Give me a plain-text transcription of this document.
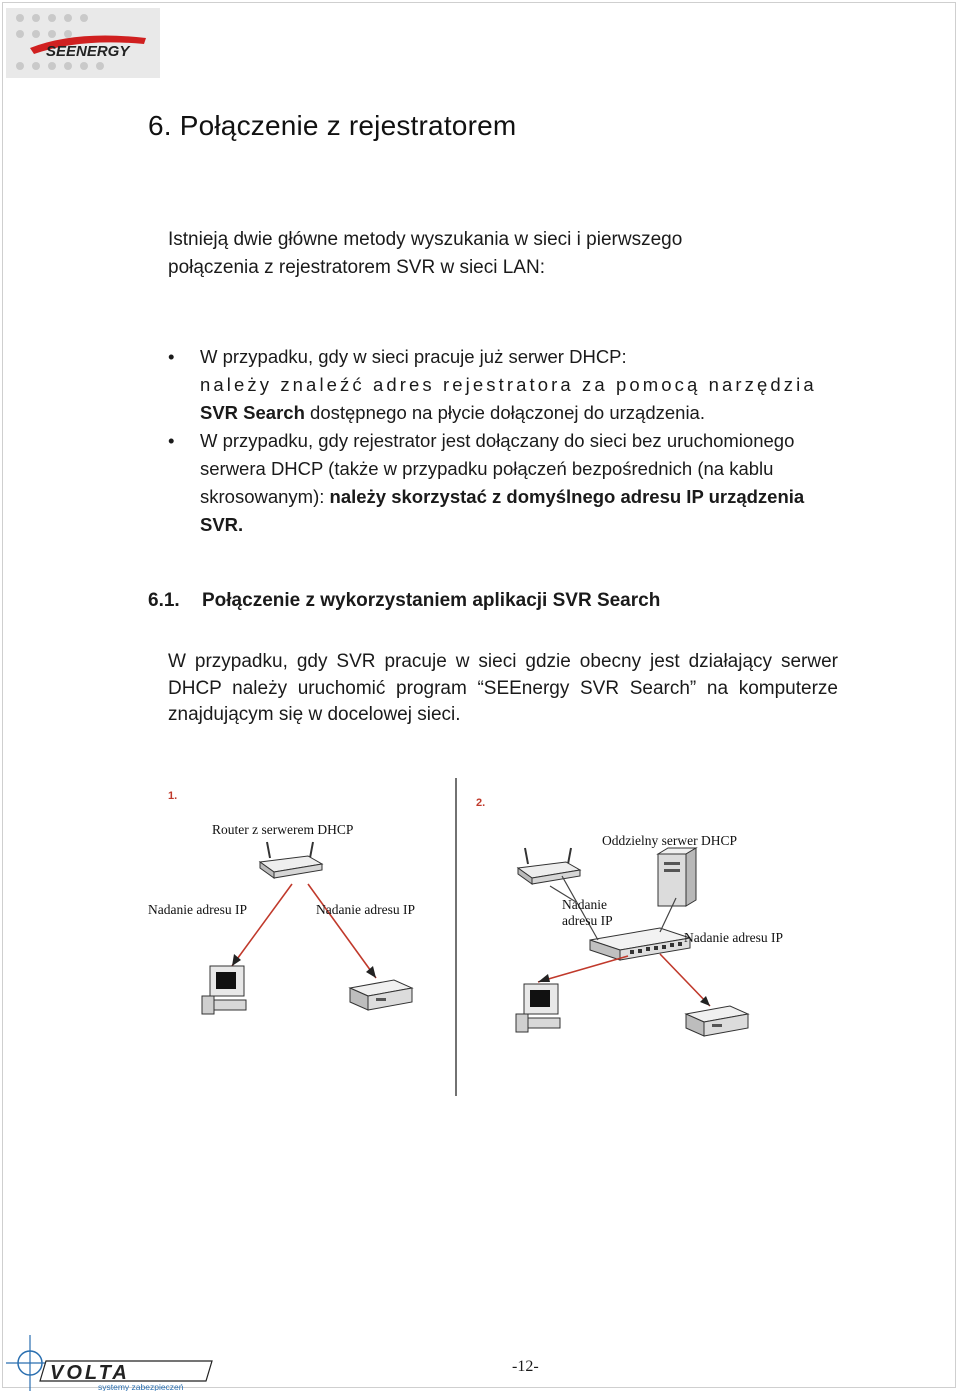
SEENERGY
6. Połączenie z rejestratorem

Istnieją dwie główne metody wyszukania w sieci i pierwszego połączenia z rejestratorem SVR w sieci LAN:

• W przypadku, gdy w sieci pracuje już serwer DHCP:
należy znaleźć adres rejestratora za pomocą narzędzia
SVR Search dostępnego na płycie dołączonej do urządzenia.
• W przypadku, gdy rejestrator jest dołączany do sieci bez uruchomionego serwera DHCP (także w przypadku połączeń bezpośrednich (na kablu skrosowanym): należy skorzystać z domyślnego adresu IP urządzenia SVR.
6.1. Połączenie z wykorzystaniem aplikacji SVR Search

W przypadku, gdy SVR pracuje w sieci gdzie obecny jest działający serwer DHCP należy uruchomić program “SEEnergy SVR Search” na komputerze znajdującym się w docelowej sieci.

1.
2.
Router z serwerem DHCP
Nadanie adresu IP	Nadanie adresu IP
Oddzielny serwer DHCP
Nadanie adresu IP
Nadanie adresu IP
VOLTA
systemy zabezpieczeń
-12-
